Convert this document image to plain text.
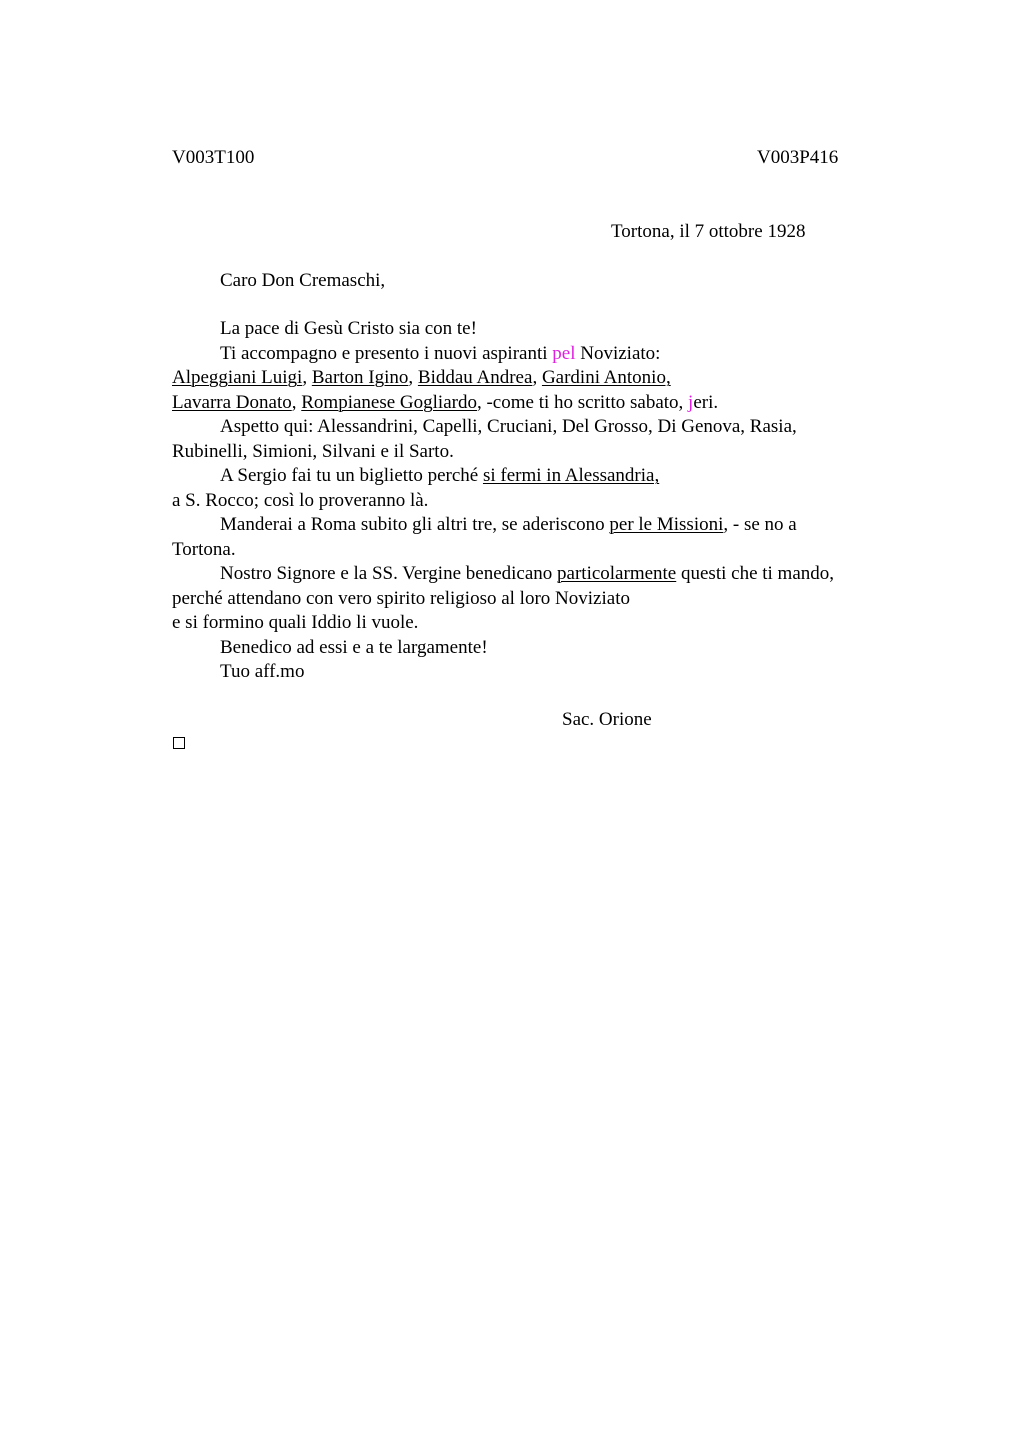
V003T100	V003P416
Tortona, il 7 ottobre 1928
Caro Don Cremaschi,
La pace di Gesù Cristo sia con te!
Ti accompagno e presento i nuovi aspiranti pel Noviziato:
Alpeggiani Luigi, Barton Igino, Biddau Andrea, Gardini Antonio,
Lavarra Donato, Rompianese Gogliardo, -come ti ho scritto sabato, jeri.
Aspetto qui: Alessandrini, Capelli, Cruciani, Del Grosso, Di Genova, Rasia,
Rubinelli, Simioni, Silvani e il Sarto.
A Sergio fai tu un biglietto perché si fermi in Alessandria,
a S. Rocco; così lo proveranno là.
Manderai a Roma subito gli altri tre, se aderiscono per le Missioni, - se no a
Tortona.
Nostro Signore e la SS. Vergine benedicano particolarmente questi che ti mando,
perché attendano con vero spirito religioso al loro Noviziato
e si formino quali Iddio li vuole.
Benedico ad essi e a te largamente!
Tuo aff.mo
Sac. Orione
